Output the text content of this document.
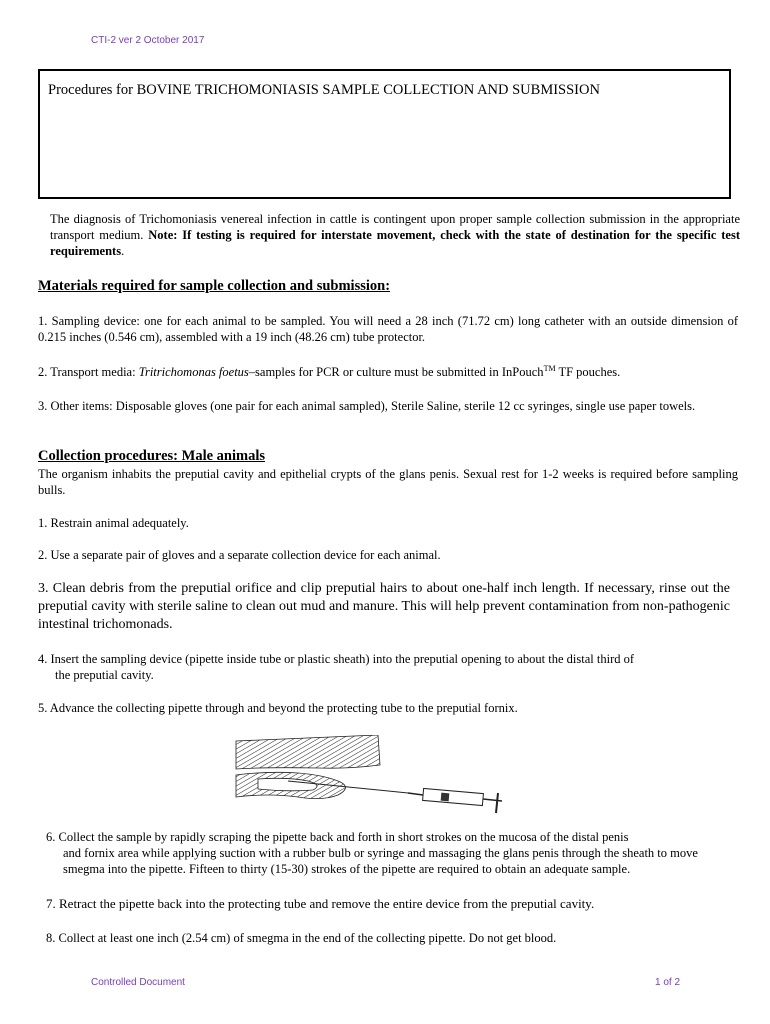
CTI-2 ver 2 October 2017
Procedures for BOVINE TRICHOMONIASIS SAMPLE COLLECTION AND SUBMISSION
The diagnosis of Trichomoniasis venereal infection in cattle is contingent upon proper sample collection submission in the appropriate transport medium. Note: If testing is required for interstate movement, check with the state of destination for the specific test requirements.
Materials required for sample collection and submission:
1. Sampling device: one for each animal to be sampled. You will need a 28 inch (71.72 cm) long catheter with an outside dimension of 0.215 inches (0.546 cm), assembled with a 19 inch (48.26 cm) tube protector.
2. Transport media: Tritrichomonas foetus–samples for PCR or culture must be submitted in InPouch™ TF pouches.
3. Other items: Disposable gloves (one pair for each animal sampled), Sterile Saline, sterile 12 cc syringes, single use paper towels.
Collection procedures: Male animals
The organism inhabits the preputial cavity and epithelial crypts of the glans penis. Sexual rest for 1-2 weeks is required before sampling bulls.
1. Restrain animal adequately.
2. Use a separate pair of gloves and a separate collection device for each animal.
3. Clean debris from the preputial orifice and clip preputial hairs to about one-half inch length. If necessary, rinse out the preputial cavity with sterile saline to clean out mud and manure. This will help prevent contamination from non-pathogenic intestinal trichomonads.
4. Insert the sampling device (pipette inside tube or plastic sheath) into the preputial opening to about the distal third of
the preputial cavity.
5. Advance the collecting pipette through and beyond the protecting tube to the preputial fornix.
6. Collect the sample by rapidly scraping the pipette back and forth in short strokes on the mucosa of the distal penis
and fornix area while applying suction with a rubber bulb or syringe and massaging the glans penis through the sheath to move smegma into the pipette. Fifteen to thirty (15-30) strokes of the pipette are required to obtain an adequate sample.
7. Retract the pipette back into the protecting tube and remove the entire device from the preputial cavity.
8. Collect at least one inch (2.54 cm) of smegma in the end of the collecting pipette. Do not get blood.
Controlled Document	1 of 2
